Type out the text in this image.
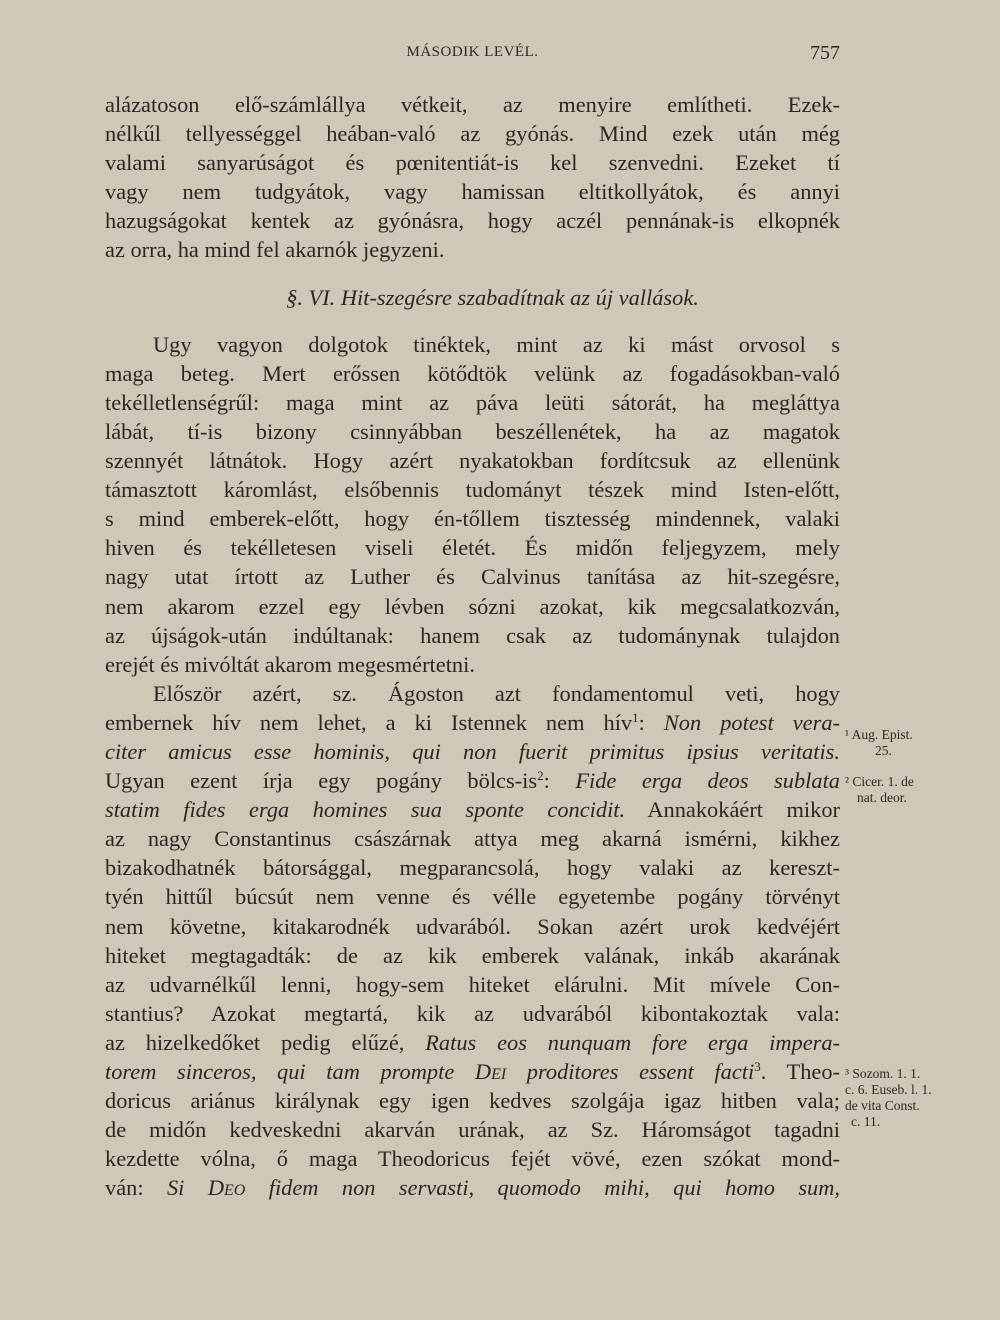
MÁSODIK LEVÉL.	757
alázatoson elő-számlállya vétkeit, az menyire említheti. Ezek-
nélkűl tellyességgel heában-való az gyónás. Mind ezek után még
valami sanyarúságot és pœnitentiát-is kel szenvedni. Ezeket tí
vagy nem tudgyátok, vagy hamissan eltitkollyátok, és annyi
hazugságokat kentek az gyónásra, hogy aczél pennának-is elkopnék
az orra, ha mind fel akarnók jegyzeni.
§. VI. Hit-szegésre szabadítnak az új vallások.
Ugy vagyon dolgotok tinéktek, mint az ki mást orvosol s
maga beteg. Mert erőssen kötődtök velünk az fogadásokban-való
tekélletlenségrűl: maga mint az páva leüti sátorát, ha megláttya
lábát, tí-is bizony csinnyábban beszéllenétek, ha az magatok
szennyét látnátok. Hogy azért nyakatokban fordítcsuk az ellenünk
támasztott káromlást, elsőbennis tudományt tészek mind Isten-előtt,
s mind emberek-előtt, hogy én-tőllem tisztesség mindennek, valaki
hiven és tekélletesen viseli életét. És midőn feljegyzem, mely
nagy utat írtott az Luther és Calvinus tanítása az hit-szegésre,
nem akarom ezzel egy lévben sózni azokat, kik megcsalatkozván,
az újságok-után indúltanak: hanem csak az tudománynak tulajdon
erejét és mivóltát akarom megesmértetni.
Először azért, sz. Ágoston azt fondamentomul veti, hogy
embernek hív nem lehet, a ki Istennek nem hív$^1$: Non potest vera-
citer amicus esse hominis, qui non fuerit primitus ipsius veritatis.
Ugyan ezent írja egy pogány bölcs-$is^2$: Fide erga deos sublata
statim fides erga homines sua sponte concidit. Annakokáért mikor
az nagy Constantinus császárnak attya meg akarná ismérni, kikhez
bizakodhatnék bátorsággal, megparancsolá, hogy valaki az kereszt-
tyén hittűl búcsút nem venne és vélle egyetembe pogány törvényt
nem követne, kitakarodnék udvarából. Sokan azért urok kedvéjért
hiteket megtagadták: de az kik emberek valának, inkáb akarának
az udvarnélkűl lenni, hogy-sem hiteket elárulni. Mit mívele Con-
stantius? Azokat megtartá, kik az udvarából kibontakoztak vala:
az hizelkedőket pedig elűzé, Ratus eos nunquam fore erga impera-
torem sinceros, qui tam prompte Dei proditores essent facti$^3$. Theo-
doricus ariánus királynak egy igen kedves szolgája igaz hitben vala;
de midőn kedveskedni akarván urának, az Sz. Háromságot tagadni
kezdette vólna, ő maga Theodoricus fejét vövé, ezen szókat mond-
ván: Si Deo fidem non servasti, quomodo mihi, qui homo sum,
¹ Aug. Epist.
25.
² Cicer. 1. de
nat. deor.
³ Sozom. 1. 1.
c. 6. Euseb. l. 1.
de vita Const.
c. 11.
